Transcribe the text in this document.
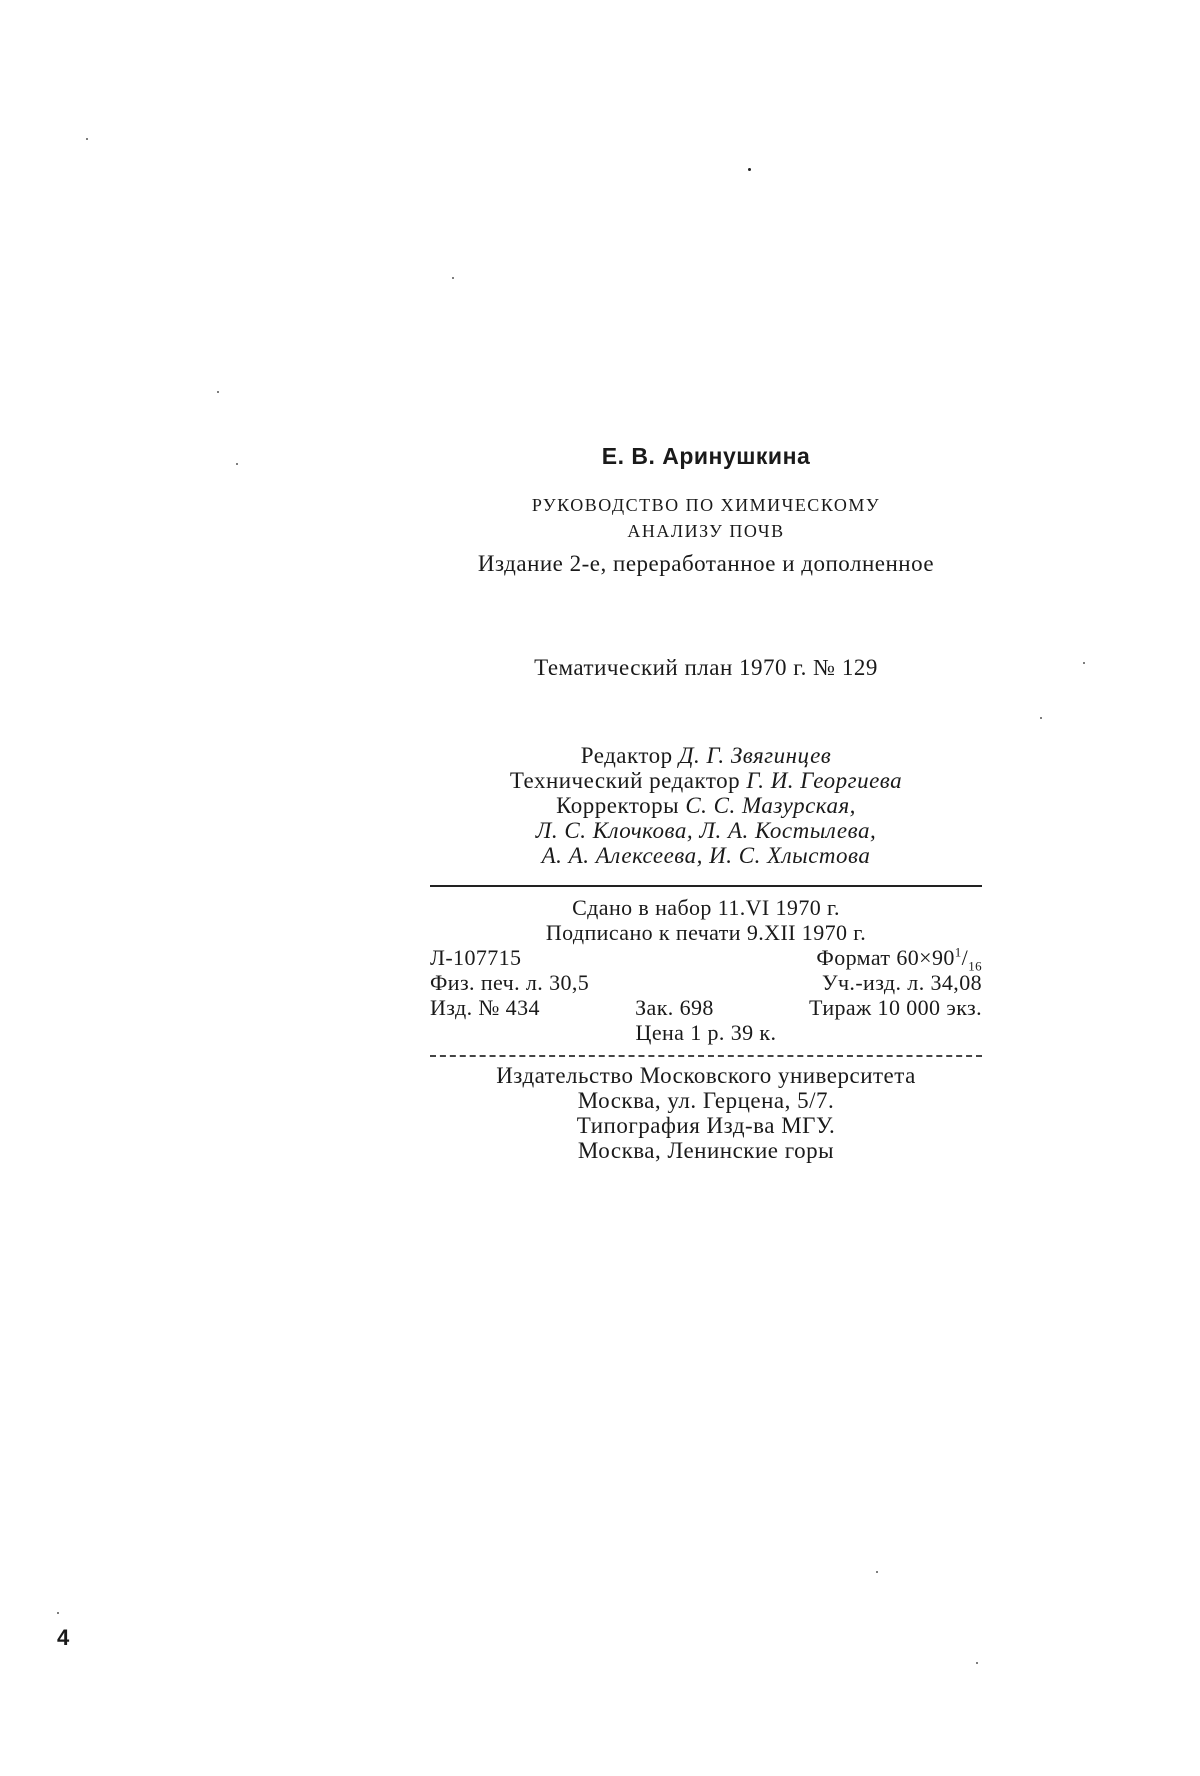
Е. В. Аринушкина
РУКОВОДСТВО ПО ХИМИЧЕСКОМУ
АНАЛИЗУ ПОЧВ
Издание 2-е, переработанное и дополненное
Тематический план 1970 г. № 129
Редактор Д. Г. Звягинцев
Технический редактор Г. И. Георгиева
Корректоры С. С. Мазурская,
Л. С. Клочкова, Л. А. Костылева,
А. А. Алексеева, И. С. Хлыстова
Сдано в набор 11.VI 1970 г.
Подписано к печати 9.XII 1970 г.
Л-107715	Формат $60\times 90^1/_{16}$
Физ. печ. л. 30,5	Уч.-изд. л. 34,08
Изд. № 434	Зак. 698	Тираж 10 000 экз.
Цена 1 р. 39 к.
Издательство Московского университета
Москва, ул. Герцена, 5/7.
Типография Изд-ва МГУ.
Москва, Ленинские горы
4
